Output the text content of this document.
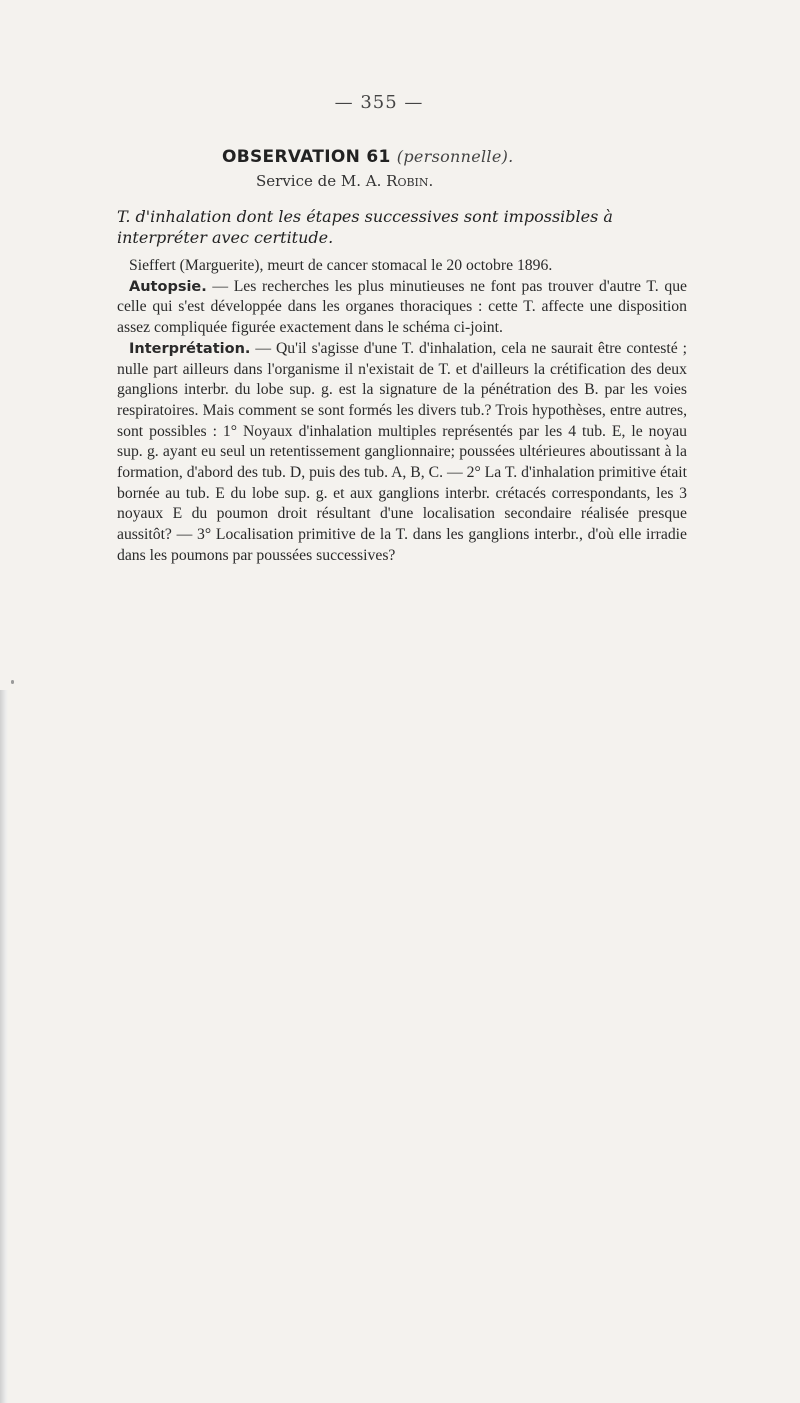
— 355 —
OBSERVATION 61 (personnelle).
Service de M. A. Robin.
T. d'inhalation dont les étapes successives sont impossibles à interpréter avec certitude.

Sieffert (Marguerite), meurt de cancer stomacal le 20 octobre 1896.

Autopsie. — Les recherches les plus minutieuses ne font pas trouver d'autre T. que celle qui s'est développée dans les organes thoraciques : cette T. affecte une disposition assez compliquée figurée exactement dans le schéma ci-joint.

Interprétation. — Qu'il s'agisse d'une T. d'inhalation, cela ne saurait être contesté ; nulle part ailleurs dans l'organisme il n'existait de T. et d'ailleurs la crétification des deux ganglions interbr. du lobe sup. g. est la signature de la pénétration des B. par les voies respiratoires. Mais comment se sont formés les divers tub.? Trois hypothèses, entre autres, sont possibles : 1° Noyaux d'inhalation multiples représentés par les 4 tub. E, le noyau sup. g. ayant eu seul un retentissement ganglionnaire; poussées ultérieures aboutissant à la formation, d'abord des tub. D, puis des tub. A, B, C. — 2° La T. d'inhalation primitive était bornée au tub. E du lobe sup. g. et aux ganglions interbr. crétacés correspondants, les 3 noyaux E du poumon droit résultant d'une localisation secondaire réalisée presque aussitôt? — 3° Localisation primitive de la T. dans les ganglions interbr., d'où elle irradie dans les poumons par poussées successives?
